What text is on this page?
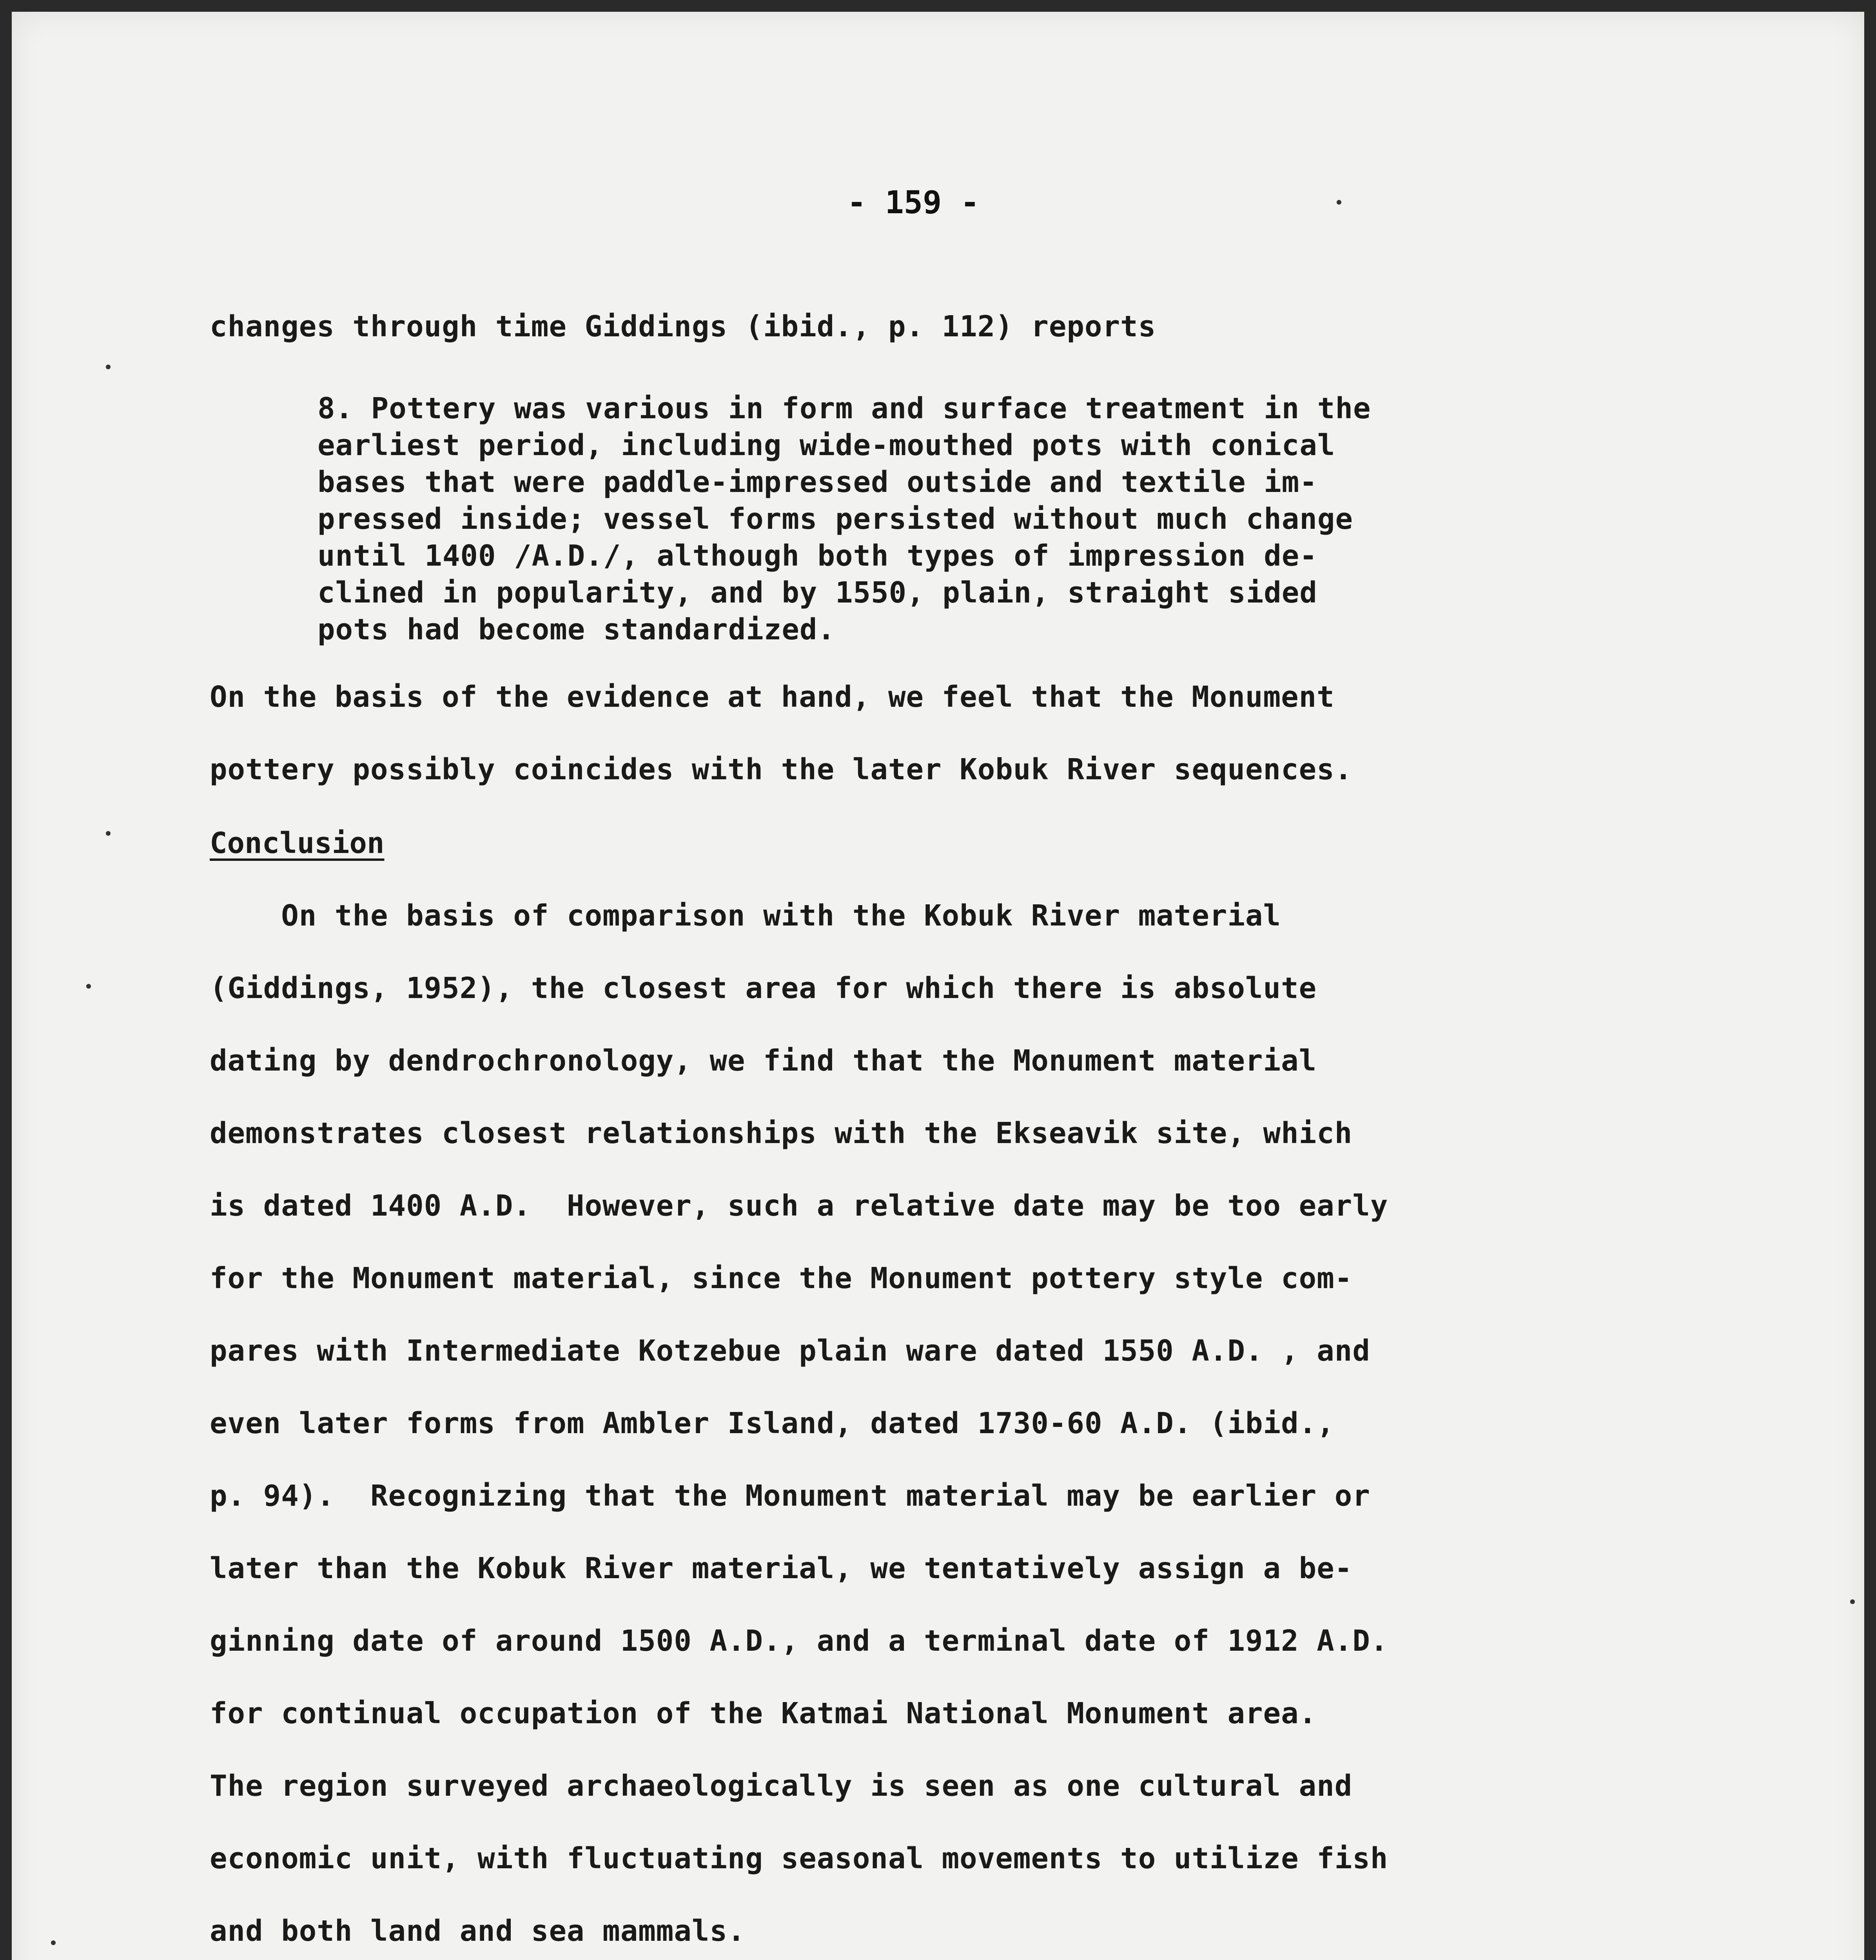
- 159 -
changes through time Giddings (ibid., p. 112) reports
8. Pottery was various in form and surface treatment in the
earliest period, including wide-mouthed pots with conical
bases that were paddle-impressed outside and textile im-
pressed inside; vessel forms persisted without much change
until 1400 /A.D./, although both types of impression de-
clined in popularity, and by 1550, plain, straight sided
pots had become standardized.
On the basis of the evidence at hand, we feel that the Monument
pottery possibly coincides with the later Kobuk River sequences.
Conclusion
On the basis of comparison with the Kobuk River material
(Giddings, 1952), the closest area for which there is absolute
dating by dendrochronology, we find that the Monument material
demonstrates closest relationships with the Ekseavik site, which
is dated 1400 A.D.  However, such a relative date may be too early
for the Monument material, since the Monument pottery style com-
pares with Intermediate Kotzebue plain ware dated 1550 A.D. , and
even later forms from Ambler Island, dated 1730-60 A.D. (ibid.,
p. 94).  Recognizing that the Monument material may be earlier or
later than the Kobuk River material, we tentatively assign a be-
ginning date of around 1500 A.D., and a terminal date of 1912 A.D.
for continual occupation of the Katmai National Monument area.
The region surveyed archaeologically is seen as one cultural and
economic unit, with fluctuating seasonal movements to utilize fish
and both land and sea mammals.
